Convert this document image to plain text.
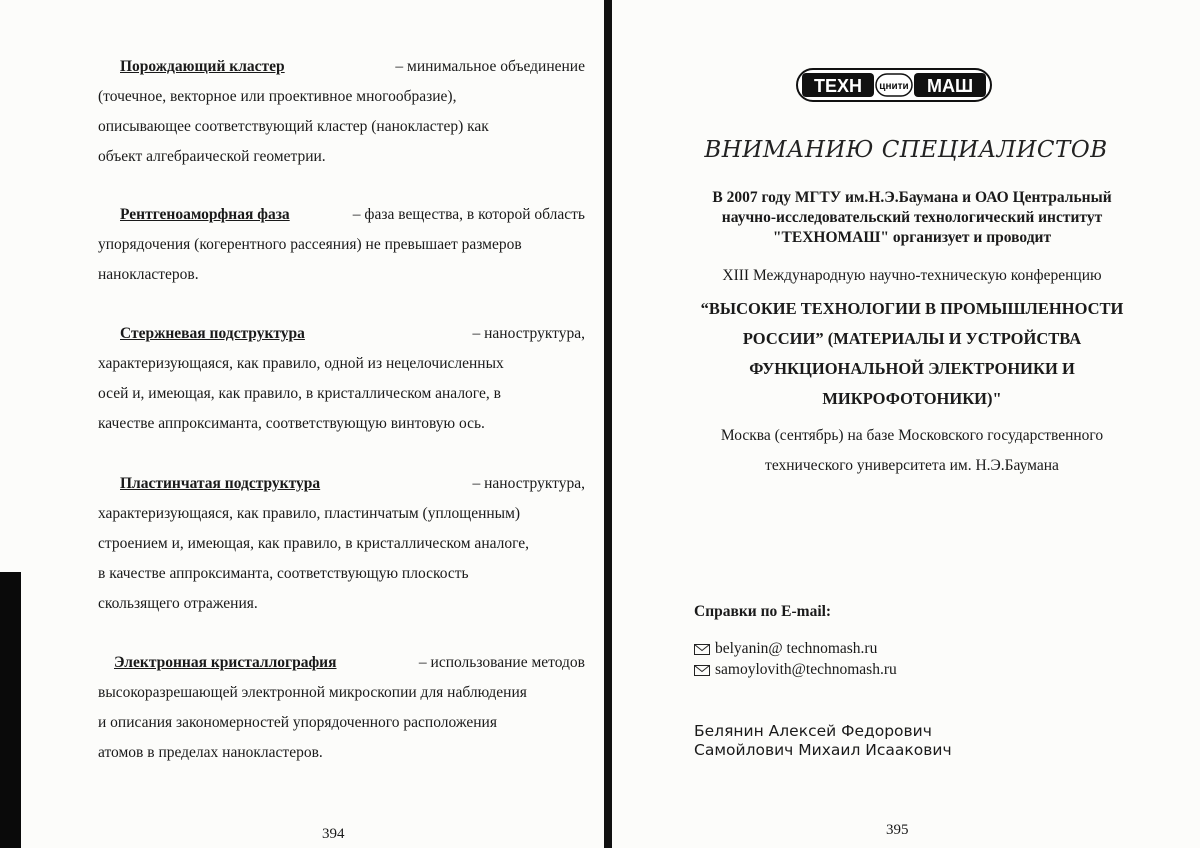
Порождающий кластер	– минимальное объединение
(точечное, векторное или проективное многообразие),
описывающее соответствующий кластер (нанокластер) как
объект алгебраической геометрии.
Рентгеноаморфная фаза	– фаза вещества, в которой область
упорядочения (когерентного рассеяния) не превышает размеров
нанокластеров.
Стержневая подструктура	– наноструктура,
характеризующаяся, как правило, одной из нецелочисленных
осей и, имеющая, как правило, в кристаллическом аналоге, в
качестве аппроксиманта, соответствующую винтовую ось.
Пластинчатая подструктура	– наноструктура,
характеризующаяся, как правило, пластинчатым (уплощенным)
строением и, имеющая, как правило, в кристаллическом аналоге,
в качестве аппроксиманта, соответствующую плоскость
скользящего отражения.
Электронная кристаллография	– использование методов
высокоразрешающей электронной микроскопии для наблюдения
и описания закономерностей упорядоченного расположения
атомов в пределах нанокластеров.
394
ТЕХН цнити МАШ
ВНИМАНИЮ СПЕЦИАЛИСТОВ
В 2007 году МГТУ им.Н.Э.Баумана и ОАО Центральный
научно-исследовательский технологический институт
"ТЕХНОМАШ" организует и проводит
XIII Международную научно-техническую конференцию
“ВЫСОКИЕ ТЕХНОЛОГИИ В ПРОМЫШЛЕННОСТИ
РОССИИ” (МАТЕРИАЛЫ И УСТРОЙСТВА
ФУНКЦИОНАЛЬНОЙ ЭЛЕКТРОНИКИ И
МИКРОФОТОНИКИ)"
Москва (сентябрь) на базе Московского государственного
технического университета им. Н.Э.Баумана
Справки по E-mail:
belyanin@ technomash.ru
samoylovith@technomash.ru
Белянин Алексей Федорович
Самойлович Михаил Исаакович
395
